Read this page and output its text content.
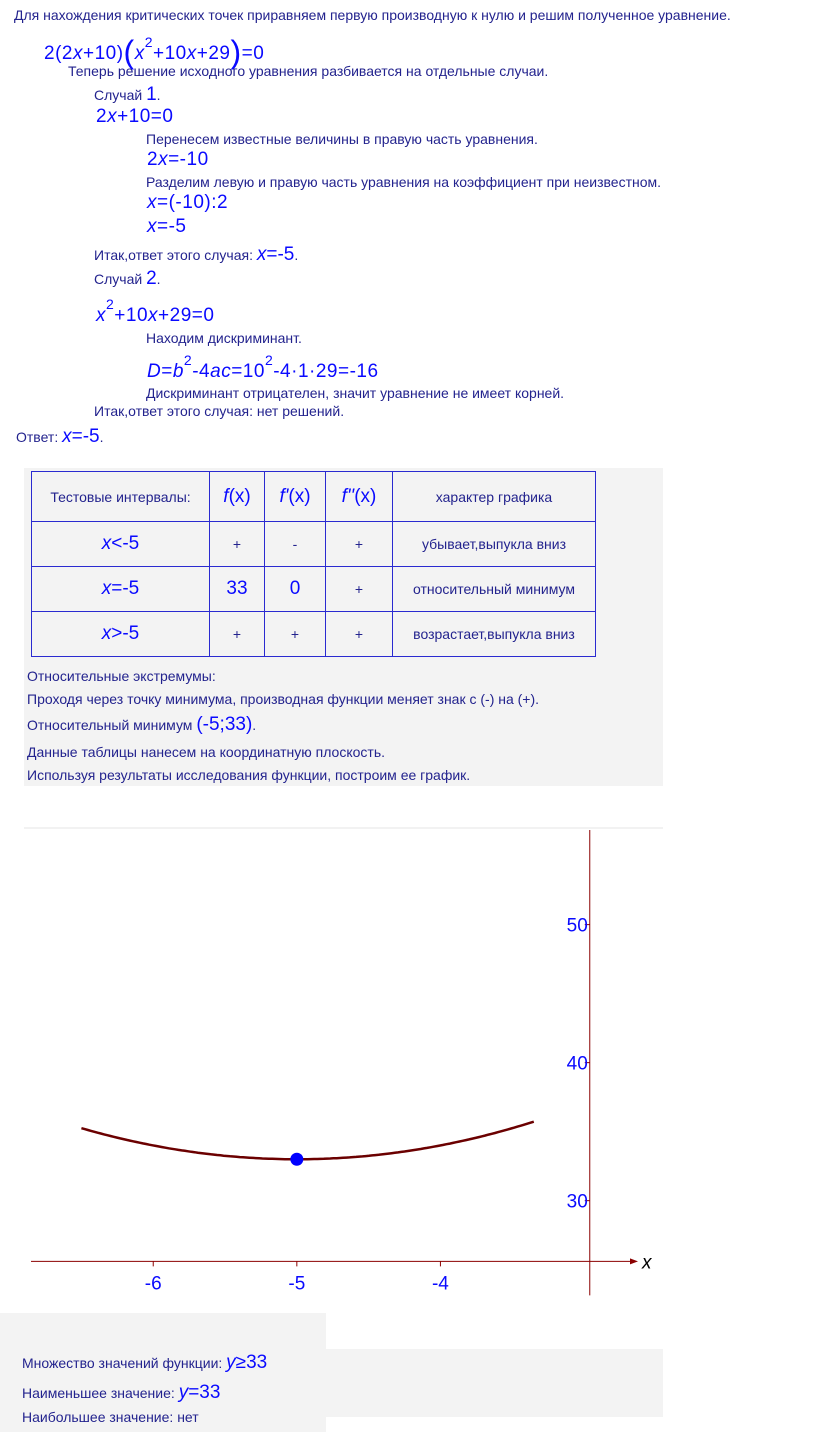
Для нахождения критических точек приравняем первую производную к нулю и решим полученное уравнение.
$2(2x+10)(x^2+10x+29)=0$
Теперь решение исходного уравнения разбивается на отдельные случаи.
Случай 1.
2x+10=0
Перенесем известные величины в правую часть уравнения.
2x=-10
Разделим левую и правую часть уравнения на коэффициент при неизвестном.
x=(-10):2
x=-5
Итак,ответ этого случая: x=-5.
Случай 2.
$x^2+10x+29=0$
Находим дискриминант.
$D=b^2-4ac=10^2-4\cdot 1\cdot 29=-16$
Дискриминант отрицателен, значит уравнение не имеет корней.
Итак,ответ этого случая: нет решений.
Ответ: x=-5.
Тестовые интервалы:	f(x)	f'(x)	f''(x)	характер графика
x<-5	+	-	+	убывает,выпукла вниз
x=-5	33	0	+	относительный минимум
x>-5	+	+	+	возрастает,выпукла вниз
Относительные экстремумы:
Проходя через точку минимума, производная функции меняет знак с (-) на (+).
Относительный минимум (-5;33).
Данные таблицы нанесем на координатную плоскость.
Используя результаты исследования функции, построим ее график.
-6	-5	-4
30
40
50
x
Множество значений функции: y≥33
Наименьшее значение: y=33
Наибольшее значение: нет
